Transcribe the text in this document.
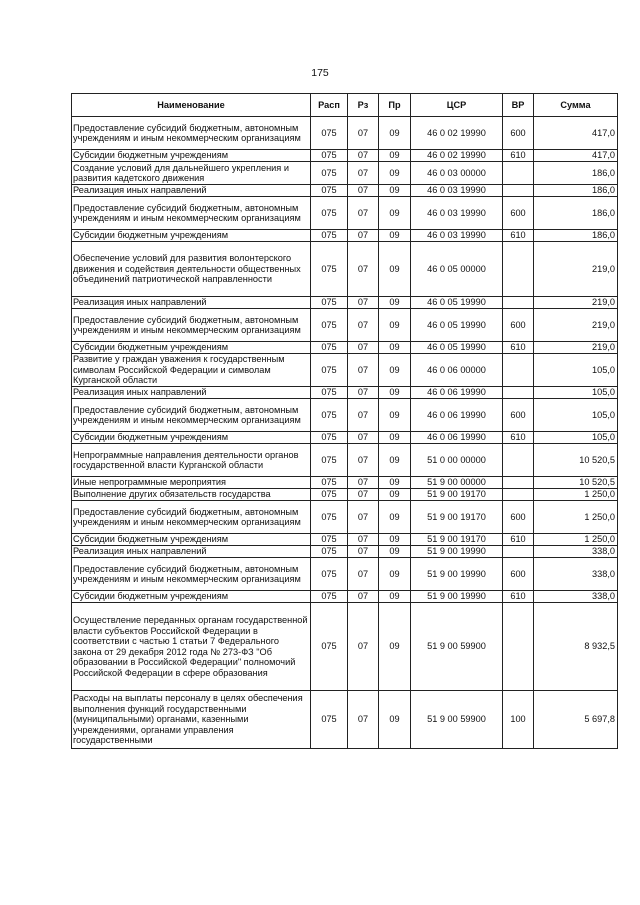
175
Наименование	Расп	Рз	Пр	ЦСР	ВР	Сумма
Предоставление субсидий бюджетным, автономным учреждениям и иным некоммерческим организациям	075	07	09	46 0 02 19990	600	417,0
Субсидии бюджетным учреждениям	075	07	09	46 0 02 19990	610	417,0
Создание условий для дальнейшего укрепления и развития кадетского движения	075	07	09	46 0 03 00000		186,0
Реализация иных направлений	075	07	09	46 0 03 19990		186,0
Предоставление субсидий бюджетным, автономным учреждениям и иным некоммерческим организациям	075	07	09	46 0 03 19990	600	186,0
Субсидии бюджетным учреждениям	075	07	09	46 0 03 19990	610	186,0
Обеспечение условий для развития волонтерского движения и содействия деятельности общественных объединений патриотической направленности	075	07	09	46 0 05 00000		219,0
Реализация иных направлений	075	07	09	46 0 05 19990		219,0
Предоставление субсидий бюджетным, автономным учреждениям и иным некоммерческим организациям	075	07	09	46 0 05 19990	600	219,0
Субсидии бюджетным учреждениям	075	07	09	46 0 05 19990	610	219,0
Развитие у граждан уважения к государственным символам Российской Федерации и символам Курганской области	075	07	09	46 0 06 00000		105,0
Реализация иных направлений	075	07	09	46 0 06 19990		105,0
Предоставление субсидий бюджетным, автономным учреждениям и иным некоммерческим организациям	075	07	09	46 0 06 19990	600	105,0
Субсидии бюджетным учреждениям	075	07	09	46 0 06 19990	610	105,0
Непрограммные направления деятельности органов государственной власти Курганской области	075	07	09	51 0 00 00000		10 520,5
Иные непрограммные мероприятия	075	07	09	51 9 00 00000		10 520,5
Выполнение других обязательств государства	075	07	09	51 9 00 19170		1 250,0
Предоставление субсидий бюджетным, автономным учреждениям и иным некоммерческим организациям	075	07	09	51 9 00 19170	600	1 250,0
Субсидии бюджетным учреждениям	075	07	09	51 9 00 19170	610	1 250,0
Реализация иных направлений	075	07	09	51 9 00 19990		338,0
Предоставление субсидий бюджетным, автономным учреждениям и иным некоммерческим организациям	075	07	09	51 9 00 19990	600	338,0
Субсидии бюджетным учреждениям	075	07	09	51 9 00 19990	610	338,0
Осуществление переданных органам государственной власти субъектов Российской Федерации в соответствии с частью 1 статьи 7 Федерального закона от 29 декабря 2012 года № 273-ФЗ "Об образовании в Российской Федерации" полномочий Российской Федерации в сфере образования	075	07	09	51 9 00 59900		8 932,5
Расходы на выплаты персоналу в целях обеспечения выполнения функций государственными (муниципальными) органами, казенными учреждениями, органами управления государственными	075	07	09	51 9 00 59900	100	5 697,8
